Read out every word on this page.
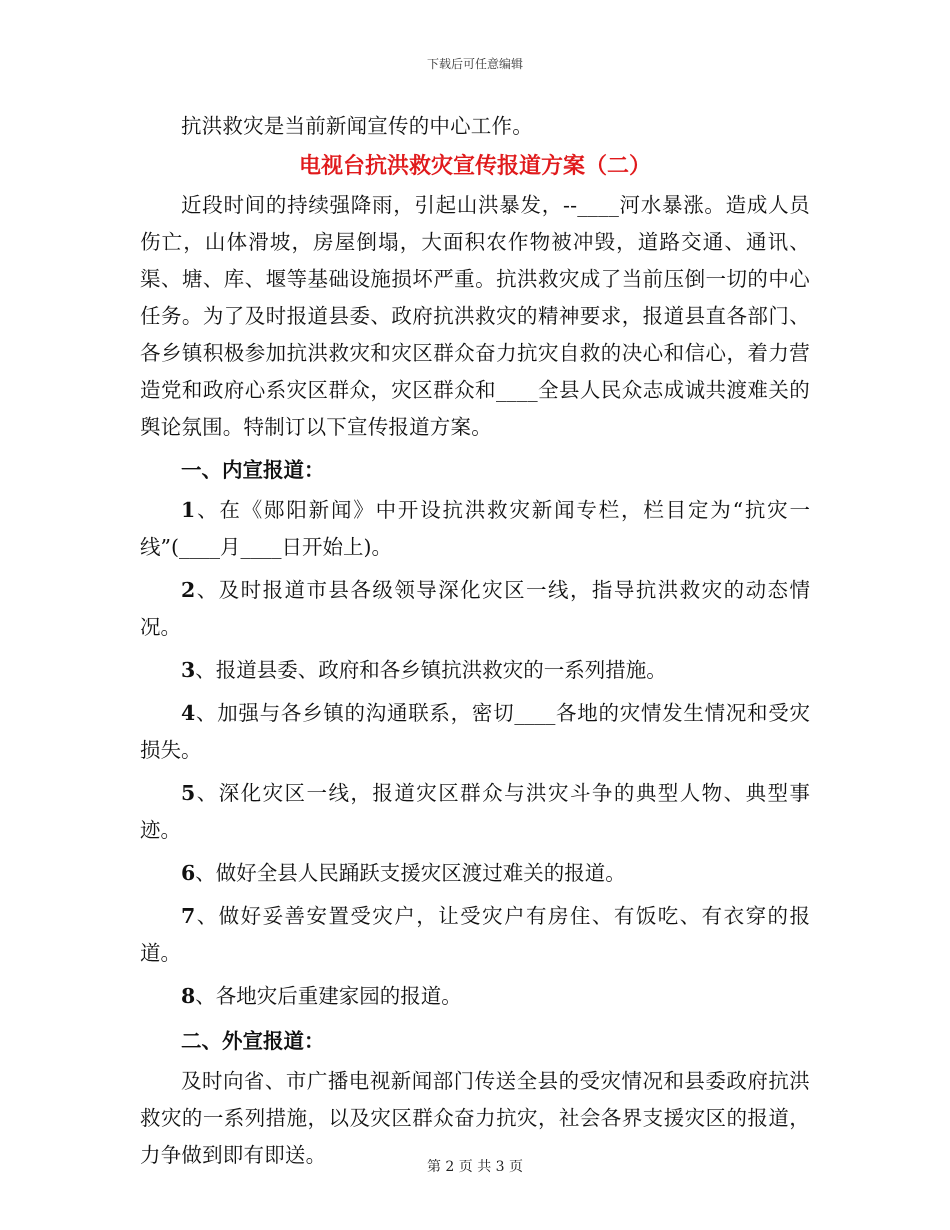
下载后可任意编辑

抗洪救灾是当前新闻宣传的中心工作。

电视台抗洪救灾宣传报道方案（二）

近段时间的持续强降雨，引起山洪暴发，--____河水暴涨。造成人员伤亡，山体滑坡，房屋倒塌，大面积农作物被冲毁，道路交通、通讯、渠、塘、库、堰等基础设施损坏严重。抗洪救灾成了当前压倒一切的中心任务。为了及时报道县委、政府抗洪救灾的精神要求，报道县直各部门、各乡镇积极参加抗洪救灾和灾区群众奋力抗灾自救的决心和信心，着力营造党和政府心系灾区群众，灾区群众和____全县人民众志成诚共渡难关的舆论氛围。特制订以下宣传报道方案。

一、内宣报道：

1、在《郧阳新闻》中开设抗洪救灾新闻专栏，栏目定为“抗灾一线”(____月____日开始上)。

2、及时报道市县各级领导深化灾区一线，指导抗洪救灾的动态情况。

3、报道县委、政府和各乡镇抗洪救灾的一系列措施。

4、加强与各乡镇的沟通联系，密切____各地的灾情发生情况和受灾损失。

5、深化灾区一线，报道灾区群众与洪灾斗争的典型人物、典型事迹。

6、做好全县人民踊跃支援灾区渡过难关的报道。

7、做好妥善安置受灾户，让受灾户有房住、有饭吃、有衣穿的报道。

8、各地灾后重建家园的报道。

二、外宣报道：

及时向省、市广播电视新闻部门传送全县的受灾情况和县委政府抗洪救灾的一系列措施，以及灾区群众奋力抗灾，社会各界支援灾区的报道，力争做到即有即送。	第 2 页 共 3 页
